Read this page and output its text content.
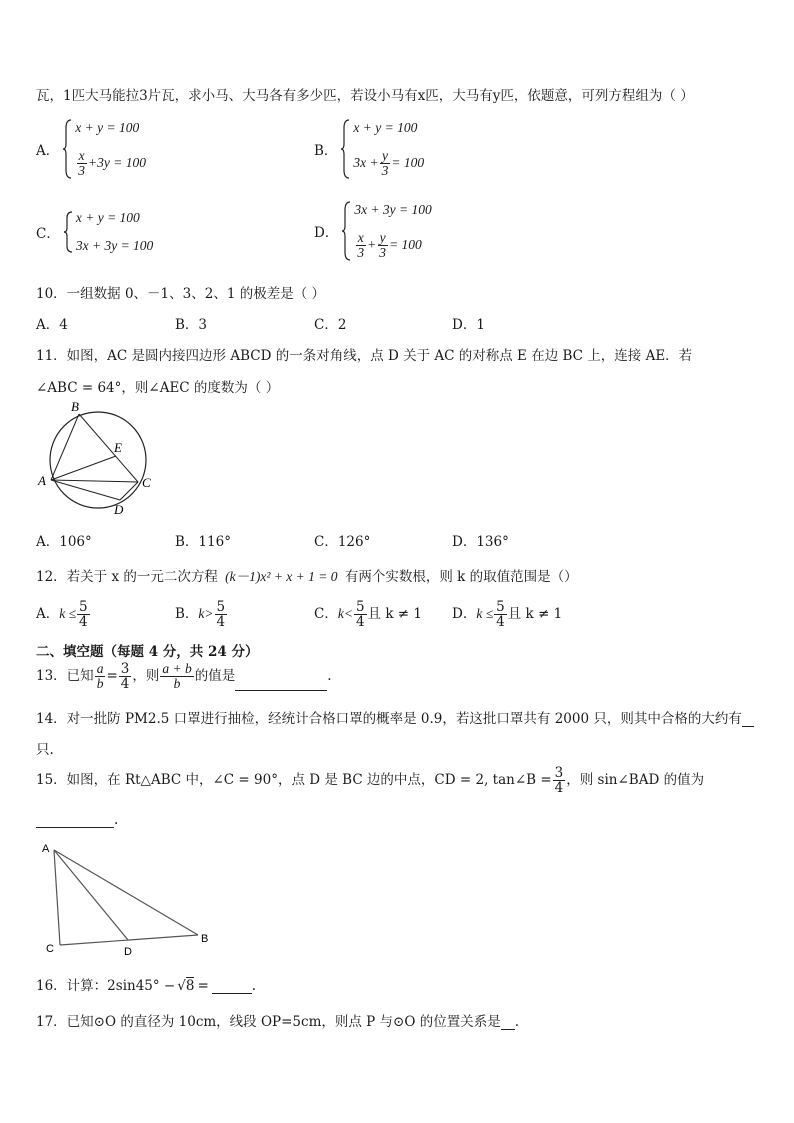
瓦，1匹大马能拉3片瓦，求小马、大马各有多少匹，若设小马有x匹，大马有y匹，依题意，可列方程组为（ ）
A．
x + y = 100
$\frac{x}{3} +3y = 100$
B．
x + y = 100
$3x + \frac{y}{3} = 100$
C．
x + y = 100
3x + 3y = 100
D．
3x + 3y = 100
$\frac{x}{3} + \frac{y}{3} = 100$
10．一组数据 0、－1、3、2、1 的极差是（ ）
A．4	B．3	C．2	D．1
11．如图，AC 是圆内接四边形 ABCD 的一条对角线，点 D 关于 AC 的对称点 E 在边 BC 上，连接 AE．若
∠ABC = 64°，则∠AEC 的度数为（ ）
B
E
A	C
D
A．106°	B．116°	C．126°	D．136°
12．若关于 x 的一元二次方程 (k－1)x² + x + 1 = 0 有两个实数根，则 k 的取值范围是（）
A．$k \le \frac{5}{4}$	B．$k> \frac{5}{4}$	C．$k< \frac{5}{4}$ 且 k ≠ 1 D．$k \le \frac{5}{4}$ 且 k ≠ 1
二、填空题（每题 4 分，共 24 分）
13．已知 $\frac{a}{b} = \frac{3}{4}$ ，则 $\frac{a + b}{b}$ 的值是	.
14．对一批防 PM2.5 口罩进行抽检，经统计合格口罩的概率是 0.9，若这批口罩共有 2000 只，则其中合格的大约有
只.
15．如图，在 Rt△ABC 中，∠C = 90°，点 D 是 BC 边的中点，CD = 2, tan∠B = $\frac{3}{4}$ ，则 sin∠BAD 的值为
.
A
C	D
B
16．计算：2sin45° − √8 =	.
17．已知⊙O 的直径为 10cm，线段 OP=5cm，则点 P 与⊙O 的位置关系是 .
